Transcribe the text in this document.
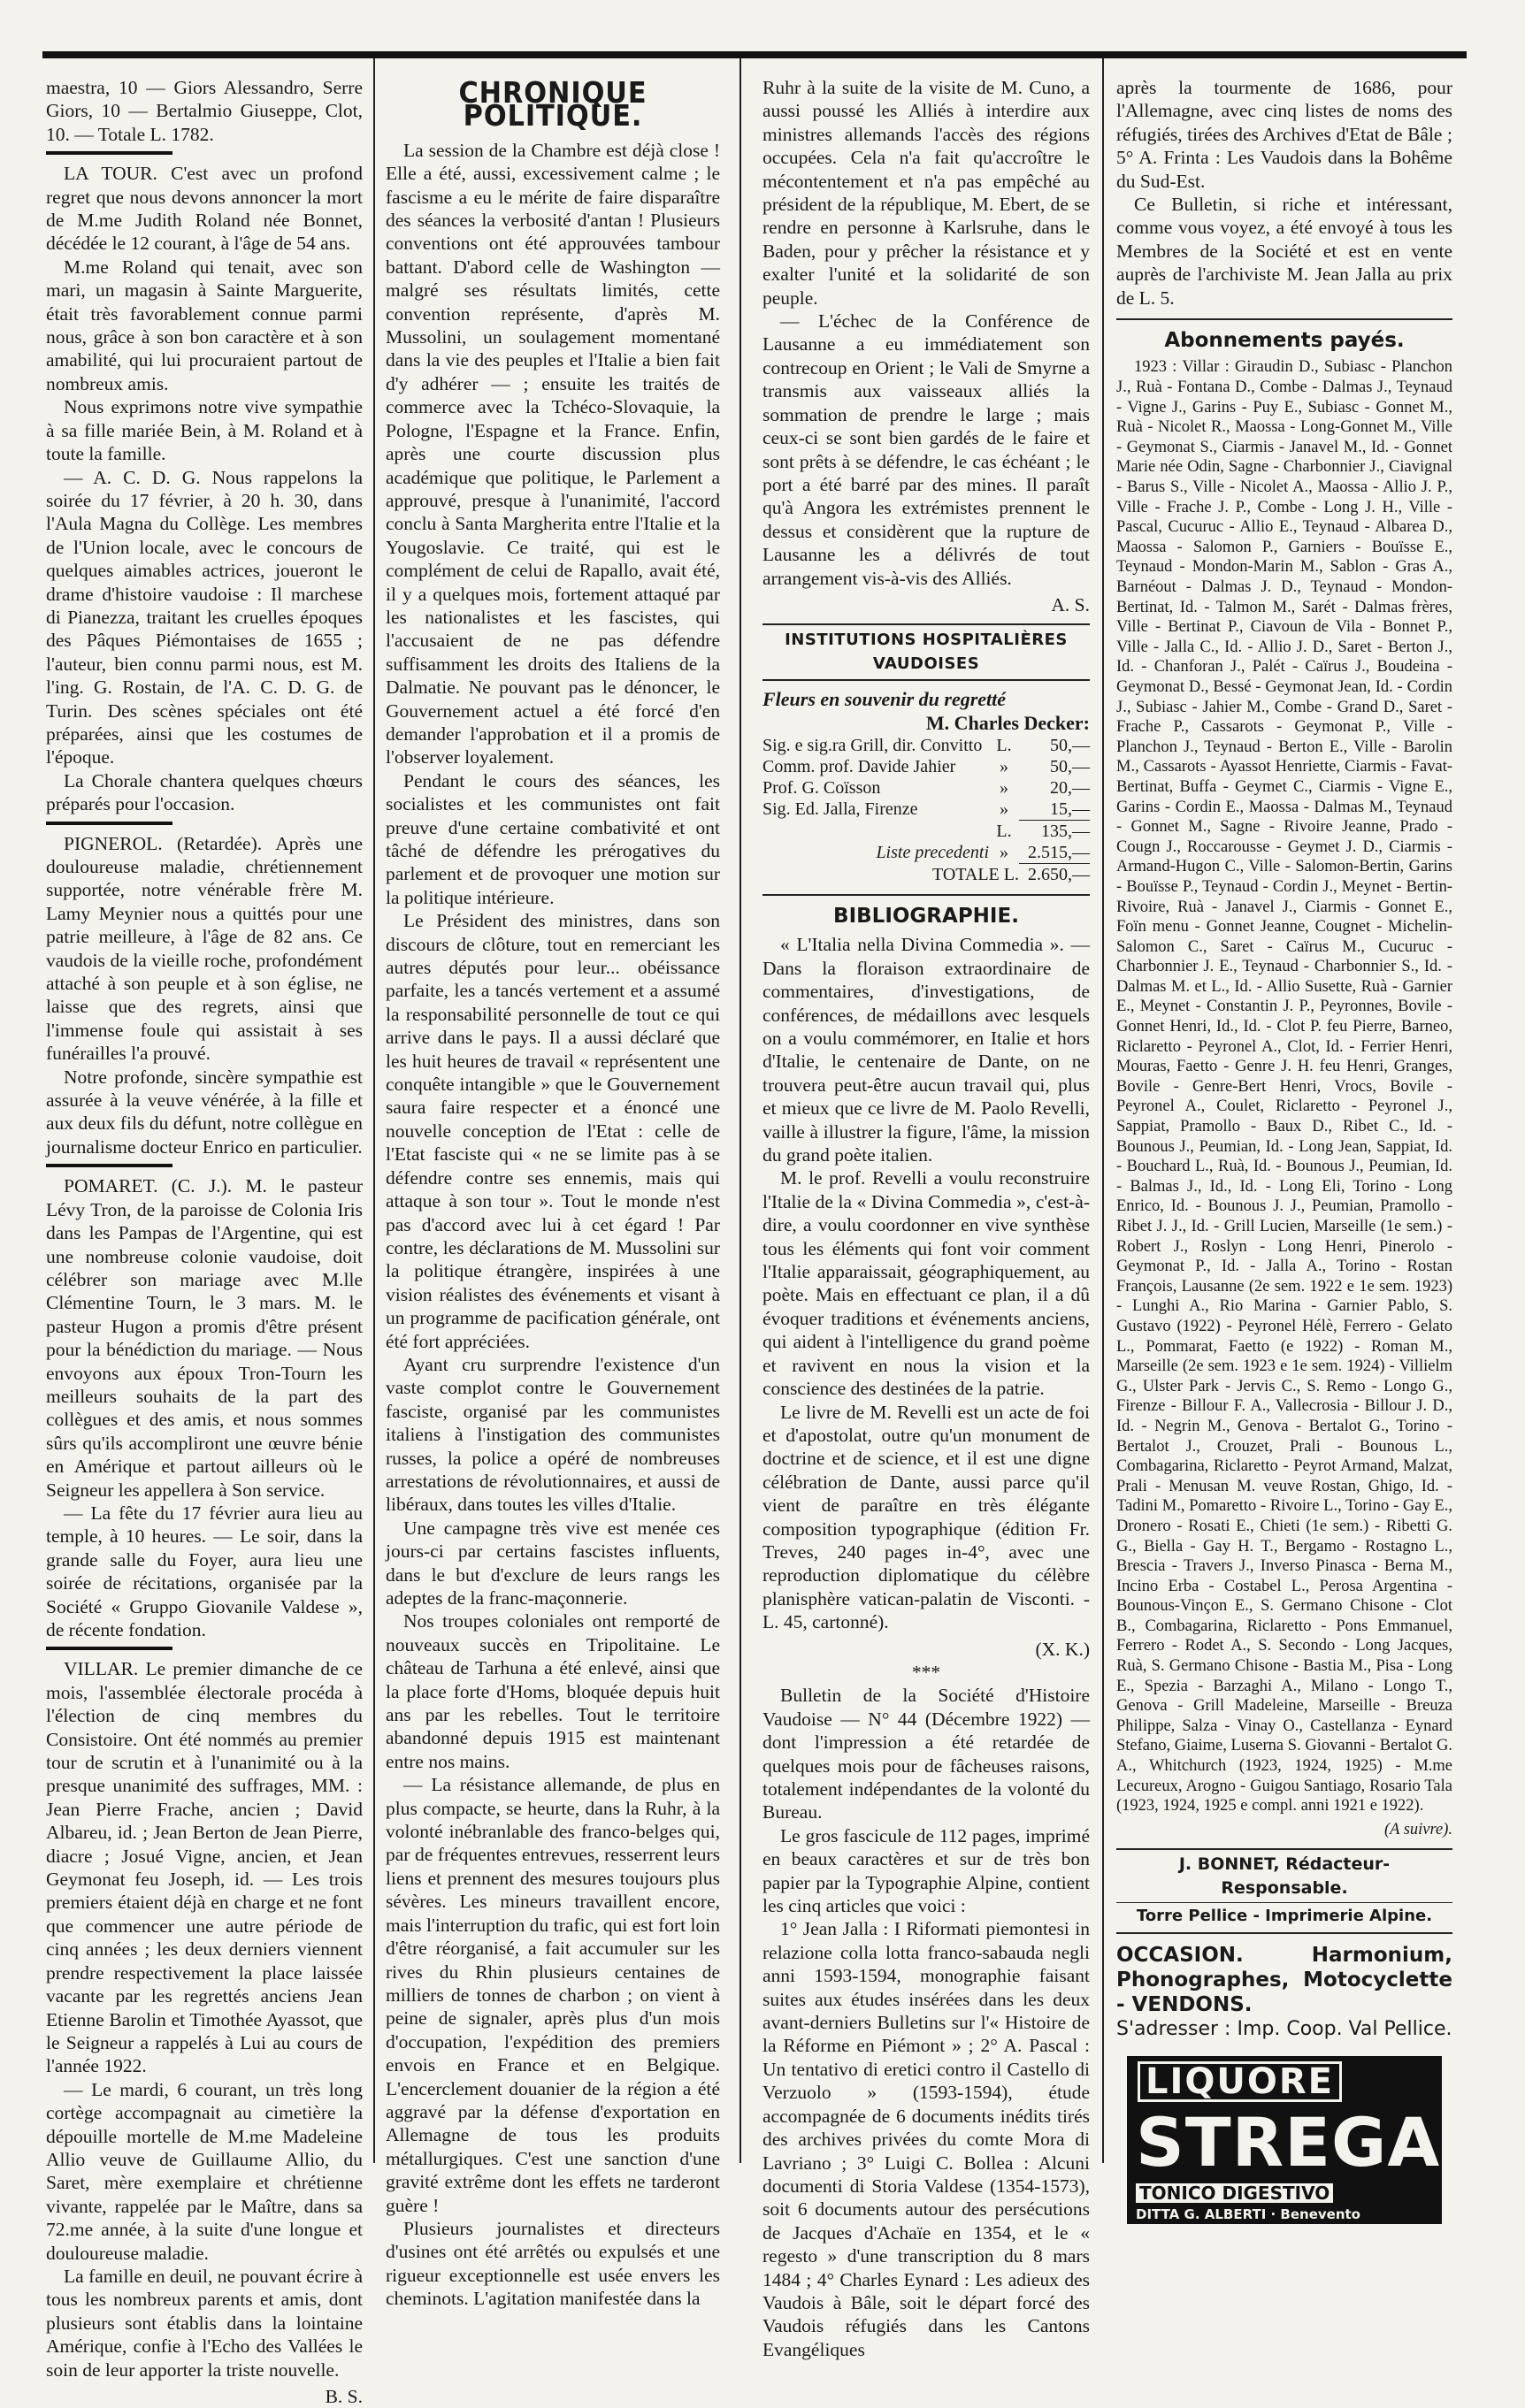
maestra, 10 — Giors Alessandro, Serre Giors, 10 — Bertalmio Giuseppe, Clot, 10. — Totale L. 1782.

LA TOUR. C'est avec un profond regret que nous devons annoncer la mort de M.me Judith Roland née Bonnet, décédée le 12 courant, à l'âge de 54 ans.

M.me Roland qui tenait, avec son mari, un magasin à Sainte Marguerite, était très favorablement connue parmi nous, grâce à son bon caractère et à son amabilité, qui lui procuraient partout de nombreux amis.

Nous exprimons notre vive sympathie à sa fille mariée Bein, à M. Roland et à toute la famille.

— A. C. D. G. Nous rappelons la soirée du 17 février, à 20 h. 30, dans l'Aula Magna du Collège. Les membres de l'Union locale, avec le concours de quelques aimables actrices, joueront le drame d'histoire vaudoise : Il marchese di Pianezza, traitant les cruelles époques des Pâques Piémontaises de 1655 ; l'auteur, bien connu parmi nous, est M. l'ing. G. Rostain, de l'A. C. D. G. de Turin. Des scènes spéciales ont été préparées, ainsi que les costumes de l'époque.

La Chorale chantera quelques chœurs préparés pour l'occasion.

PIGNEROL. (Retardée). Après une douloureuse maladie, chrétiennement supportée, notre vénérable frère M. Lamy Meynier nous a quittés pour une patrie meilleure, à l'âge de 82 ans. Ce vaudois de la vieille roche, profondément attaché à son peuple et à son église, ne laisse que des regrets, ainsi que l'immense foule qui assistait à ses funérailles l'a prouvé.

Notre profonde, sincère sympathie est assurée à la veuve vénérée, à la fille et aux deux fils du défunt, notre collègue en journalisme docteur Enrico en particulier.

POMARET. (C. J.). M. le pasteur Lévy Tron, de la paroisse de Colonia Iris dans les Pampas de l'Argentine, qui est une nombreuse colonie vaudoise, doit célébrer son mariage avec M.lle Clémentine Tourn, le 3 mars. M. le pasteur Hugon a promis d'être présent pour la bénédiction du mariage. — Nous envoyons aux époux Tron-Tourn les meilleurs souhaits de la part des collègues et des amis, et nous sommes sûrs qu'ils accompliront une œuvre bénie en Amérique et partout ailleurs où le Seigneur les appellera à Son service.

— La fête du 17 février aura lieu au temple, à 10 heures. — Le soir, dans la grande salle du Foyer, aura lieu une soirée de récitations, organisée par la Société « Gruppo Giovanile Valdese », de récente fondation.

VILLAR. Le premier dimanche de ce mois, l'assemblée électorale procéda à l'élection de cinq membres du Consistoire. Ont été nommés au premier tour de scrutin et à l'unanimité ou à la presque unanimité des suffrages, MM. : Jean Pierre Frache, ancien ; David Albareu, id. ; Jean Berton de Jean Pierre, diacre ; Josué Vigne, ancien, et Jean Geymonat feu Joseph, id. — Les trois premiers étaient déjà en charge et ne font que commencer une autre période de cinq années ; les deux derniers viennent prendre respectivement la place laissée vacante par les regrettés anciens Jean Etienne Barolin et Timothée Ayassot, que le Seigneur a rappelés à Lui au cours de l'année 1922.

— Le mardi, 6 courant, un très long cortège accompagnait au cimetière la dépouille mortelle de M.me Madeleine Allio veuve de Guillaume Allio, du Saret, mère exemplaire et chrétienne vivante, rappelée par le Maître, dans sa 72.me année, à la suite d'une longue et douloureuse maladie.

La famille en deuil, ne pouvant écrire à tous les nombreux parents et amis, dont plusieurs sont établis dans la lointaine Amérique, confie à l'Echo des Vallées le soin de leur apporter la triste nouvelle.

B. S.
CHRONIQUE POLITIQUE.

La session de la Chambre est déjà close ! Elle a été, aussi, excessivement calme ; le fascisme a eu le mérite de faire disparaître des séances la verbosité d'antan ! Plusieurs conventions ont été approuvées tambour battant. D'abord celle de Washington — malgré ses résultats limités, cette convention représente, d'après M. Mussolini, un soulagement momentané dans la vie des peuples et l'Italie a bien fait d'y adhérer — ; ensuite les traités de commerce avec la Tchéco-Slovaquie, la Pologne, l'Espagne et la France. Enfin, après une courte discussion plus académique que politique, le Parlement a approuvé, presque à l'unanimité, l'accord conclu à Santa Margherita entre l'Italie et la Yougoslavie. Ce traité, qui est le complément de celui de Rapallo, avait été, il y a quelques mois, fortement attaqué par les nationalistes et les fascistes, qui l'accusaient de ne pas défendre suffisamment les droits des Italiens de la Dalmatie. Ne pouvant pas le dénoncer, le Gouvernement actuel a été forcé d'en demander l'approbation et il a promis de l'observer loyalement.

Pendant le cours des séances, les socialistes et les communistes ont fait preuve d'une certaine combativité et ont tâché de défendre les prérogatives du parlement et de provoquer une motion sur la politique intérieure.

Le Président des ministres, dans son discours de clôture, tout en remerciant les autres députés pour leur... obéissance parfaite, les a tancés vertement et a assumé la responsabilité personnelle de tout ce qui arrive dans le pays. Il a aussi déclaré que les huit heures de travail « représentent une conquête intangible » que le Gouvernement saura faire respecter et a énoncé une nouvelle conception de l'Etat : celle de l'Etat fasciste qui « ne se limite pas à se défendre contre ses ennemis, mais qui attaque à son tour ». Tout le monde n'est pas d'accord avec lui à cet égard ! Par contre, les déclarations de M. Mussolini sur la politique étrangère, inspirées à une vision réalistes des événements et visant à un programme de pacification générale, ont été fort appréciées.

Ayant cru surprendre l'existence d'un vaste complot contre le Gouvernement fasciste, organisé par les communistes italiens à l'instigation des communistes russes, la police a opéré de nombreuses arrestations de révolutionnaires, et aussi de libéraux, dans toutes les villes d'Italie.

Une campagne très vive est menée ces jours-ci par certains fascistes influents, dans le but d'exclure de leurs rangs les adeptes de la franc-maçonnerie.

Nos troupes coloniales ont remporté de nouveaux succès en Tripolitaine. Le château de Tarhuna a été enlevé, ainsi que la place forte d'Homs, bloquée depuis huit ans par les rebelles. Tout le territoire abandonné depuis 1915 est maintenant entre nos mains.

— La résistance allemande, de plus en plus compacte, se heurte, dans la Ruhr, à la volonté inébranlable des franco-belges qui, par de fréquentes entrevues, resserrent leurs liens et prennent des mesures toujours plus sévères. Les mineurs travaillent encore, mais l'interruption du trafic, qui est fort loin d'être réorganisé, a fait accumuler sur les rives du Rhin plusieurs centaines de milliers de tonnes de charbon ; on vient à peine de signaler, après plus d'un mois d'occupation, l'expédition des premiers envois en France et en Belgique. L'encerclement douanier de la région a été aggravé par la défense d'exportation en Allemagne de tous les produits métallurgiques. C'est une sanction d'une gravité extrême dont les effets ne tarderont guère !

Plusieurs journalistes et directeurs d'usines ont été arrêtés ou expulsés et une rigueur exceptionnelle est usée envers les cheminots. L'agitation manifestée dans la

Ruhr à la suite de la visite de M. Cuno, a aussi poussé les Alliés à interdire aux ministres allemands l'accès des régions occupées. Cela n'a fait qu'accroître le mécontentement et n'a pas empêché au président de la république, M. Ebert, de se rendre en personne à Karlsruhe, dans le Baden, pour y prêcher la résistance et y exalter l'unité et la solidarité de son peuple.

— L'échec de la Conférence de Lausanne a eu immédiatement son contrecoup en Orient ; le Vali de Smyrne a transmis aux vaisseaux alliés la sommation de prendre le large ; mais ceux-ci se sont bien gardés de le faire et sont prêts à se défendre, le cas échéant ; le port a été barré par des mines. Il paraît qu'à Angora les extrémistes prennent le dessus et considèrent que la rupture de Lausanne les a délivrés de tout arrangement vis-à-vis des Alliés.

A. S.
INSTITUTIONS HOSPITALIÈRES VAUDOISES
Fleurs en souvenir du regretté
M. Charles Decker:
Sig. e sig.ra Grill, dir. Convitto	L.	50,—
Comm. prof. Davide Jahier	»	50,—
Prof. G. Coïsson	»	20,—
Sig. Ed. Jalla, Firenze	»	15,—
	L.	135,—
Liste precedenti	»	2.515,—
TOTALE L.		2.650,—
BIBLIOGRAPHIE.

« L'Italia nella Divina Commedia ». — Dans la floraison extraordinaire de commentaires, d'investigations, de conférences, de médaillons avec lesquels on a voulu commémorer, en Italie et hors d'Italie, le centenaire de Dante, on ne trouvera peut-être aucun travail qui, plus et mieux que ce livre de M. Paolo Revelli, vaille à illustrer la figure, l'âme, la mission du grand poète italien.

M. le prof. Revelli a voulu reconstruire l'Italie de la « Divina Commedia », c'est-à-dire, a voulu coordonner en vive synthèse tous les éléments qui font voir comment l'Italie apparaissait, géographiquement, au poète. Mais en effectuant ce plan, il a dû évoquer traditions et événements anciens, qui aident à l'intelligence du grand poème et ravivent en nous la vision et la conscience des destinées de la patrie.

Le livre de M. Revelli est un acte de foi et d'apostolat, outre qu'un monument de doctrine et de science, et il est une digne célébration de Dante, aussi parce qu'il vient de paraître en très élégante composition typographique (édition Fr. Treves, 240 pages in-4°, avec une reproduction diplomatique du célèbre planisphère vatican-palatin de Visconti. - L. 45, cartonné).

(X. K.)
***

Bulletin de la Société d'Histoire Vaudoise — N° 44 (Décembre 1922) — dont l'impression a été retardée de quelques mois pour de fâcheuses raisons, totalement indépendantes de la volonté du Bureau.

Le gros fascicule de 112 pages, imprimé en beaux caractères et sur de très bon papier par la Typographie Alpine, contient les cinq articles que voici :

1° Jean Jalla : I Riformati piemontesi in relazione colla lotta franco-sabauda negli anni 1593-1594, monographie faisant suites aux études insérées dans les deux avant-derniers Bulletins sur l'« Histoire de la Réforme en Piémont » ; 2° A. Pascal : Un tentativo di eretici contro il Castello di Verzuolo » (1593-1594), étude accompagnée de 6 documents inédits tirés des archives privées du comte Mora di Lavriano ; 3° Luigi C. Bollea : Alcuni documenti di Storia Valdese (1354-1573), soit 6 documents autour des persécutions de Jacques d'Achaïe en 1354, et le « regesto » d'une transcription du 8 mars 1484 ; 4° Charles Eynard : Les adieux des Vaudois à Bâle, soit le départ forcé des Vaudois réfugiés dans les Cantons Evangéliques

après la tourmente de 1686, pour l'Allemagne, avec cinq listes de noms des réfugiés, tirées des Archives d'Etat de Bâle ; 5° A. Frinta : Les Vaudois dans la Bohême du Sud-Est.

Ce Bulletin, si riche et intéressant, comme vous voyez, a été envoyé à tous les Membres de la Société et est en vente auprès de l'archiviste M. Jean Jalla au prix de L. 5.

Abonnements payés.

1923 : Villar : Giraudin D., Subiasc - Planchon J., Ruà - Fontana D., Combe - Dalmas J., Teynaud - Vigne J., Garins - Puy E., Subiasc - Gonnet M., Ruà - Nicolet R., Maossa - Long-Gonnet M., Ville - Geymonat S., Ciarmis - Janavel M., Id. - Gonnet Marie née Odin, Sagne - Charbonnier J., Ciavignal - Barus S., Ville - Nicolet A., Maossa - Allio J. P., Ville - Frache J. P., Combe - Long J. H., Ville - Pascal, Cucuruc - Allio E., Teynaud - Albarea D., Maossa - Salomon P., Garniers - Bouïsse E., Teynaud - Mondon-Marin M., Sablon - Gras A., Barnéout - Dalmas J. D., Teynaud - Mondon-Bertinat, Id. - Talmon M., Sarét - Dalmas frères, Ville - Bertinat P., Ciavoun de Vila - Bonnet P., Ville - Jalla C., Id. - Allio J. D., Saret - Berton J., Id. - Chanforan J., Palét - Caïrus J., Boudeina - Geymonat D., Bessé - Geymonat Jean, Id. - Cordin J., Subiasc - Jahier M., Combe - Grand D., Saret - Frache P., Cassarots - Geymonat P., Ville - Planchon J., Teynaud - Berton E., Ville - Barolin M., Cassarots - Ayassot Henriette, Ciarmis - Favat-Bertinat, Buffa - Geymet C., Ciarmis - Vigne E., Garins - Cordin E., Maossa - Dalmas M., Teynaud - Gonnet M., Sagne - Rivoire Jeanne, Prado - Cougn J., Roccarousse - Geymet J. D., Ciarmis - Armand-Hugon C., Ville - Salomon-Bertin, Garins - Bouïsse P., Teynaud - Cordin J., Meynet - Bertin-Rivoire, Ruà - Janavel J., Ciarmis - Gonnet E., Foïn menu - Gonnet Jeanne, Cougnet - Michelin-Salomon C., Saret - Caïrus M., Cucuruc - Charbonnier J. E., Teynaud - Charbonnier S., Id. - Dalmas M. et L., Id. - Allio Susette, Ruà - Garnier E., Meynet - Constantin J. P., Peyronnes, Bovile - Gonnet Henri, Id., Id. - Clot P. feu Pierre, Barneo, Riclaretto - Peyronel A., Clot, Id. - Ferrier Henri, Mouras, Faetto - Genre J. H. feu Henri, Granges, Bovile - Genre-Bert Henri, Vrocs, Bovile - Peyronel A., Coulet, Riclaretto - Peyronel J., Sappiat, Pramollo - Baux D., Ribet C., Id. - Bounous J., Peumian, Id. - Long Jean, Sappiat, Id. - Bouchard L., Ruà, Id. - Bounous J., Peumian, Id. - Balmas J., Id., Id. - Long Eli, Torino - Long Enrico, Id. - Bounous J. J., Peumian, Pramollo - Ribet J. J., Id. - Grill Lucien, Marseille (1e sem.) - Robert J., Roslyn - Long Henri, Pinerolo - Geymonat P., Id. - Jalla A., Torino - Rostan François, Lausanne (2e sem. 1922 e 1e sem. 1923) - Lunghi A., Rio Marina - Garnier Pablo, S. Gustavo (1922) - Peyronel Hélè, Ferrero - Gelato L., Pommarat, Faetto (e 1922) - Roman M., Marseille (2e sem. 1923 e 1e sem. 1924) - Villielm G., Ulster Park - Jervis C., S. Remo - Longo G., Firenze - Billour F. A., Vallecrosia - Billour J. D., Id. - Negrin M., Genova - Bertalot G., Torino - Bertalot J., Crouzet, Prali - Bounous L., Combagarina, Riclaretto - Peyrot Armand, Malzat, Prali - Menusan M. veuve Rostan, Ghigo, Id. - Tadini M., Pomaretto - Rivoire L., Torino - Gay E., Dronero - Rosati E., Chieti (1e sem.) - Ribetti G. G., Biella - Gay H. T., Bergamo - Rostagno L., Brescia - Travers J., Inverso Pinasca - Berna M., Incino Erba - Costabel L., Perosa Argentina - Bounous-Vinçon E., S. Germano Chisone - Clot B., Combagarina, Riclaretto - Pons Emmanuel, Ferrero - Rodet A., S. Secondo - Long Jacques, Ruà, S. Germano Chisone - Bastia M., Pisa - Long E., Spezia - Barzaghi A., Milano - Longo T., Genova - Grill Madeleine, Marseille - Breuza Philippe, Salza - Vinay O., Castellanza - Eynard Stefano, Giaime, Luserna S. Giovanni - Bertalot G. A., Whitchurch (1923, 1924, 1925) - M.me Lecureux, Arogno - Guigou Santiago, Rosario Tala (1923, 1924, 1925 e compl. anni 1921 e 1922).

(A suivre).
J. BONNET, Rédacteur-Responsable.
Torre Pellice - Imprimerie Alpine.
OCCASION. Harmonium, Phonographes, Motocyclette - VENDONS.
S'adresser : Imp. Coop. Val Pellice.
LIQUORE
STREGA
TONICO DIGESTIVO
DITTA G. ALBERTI · Benevento
